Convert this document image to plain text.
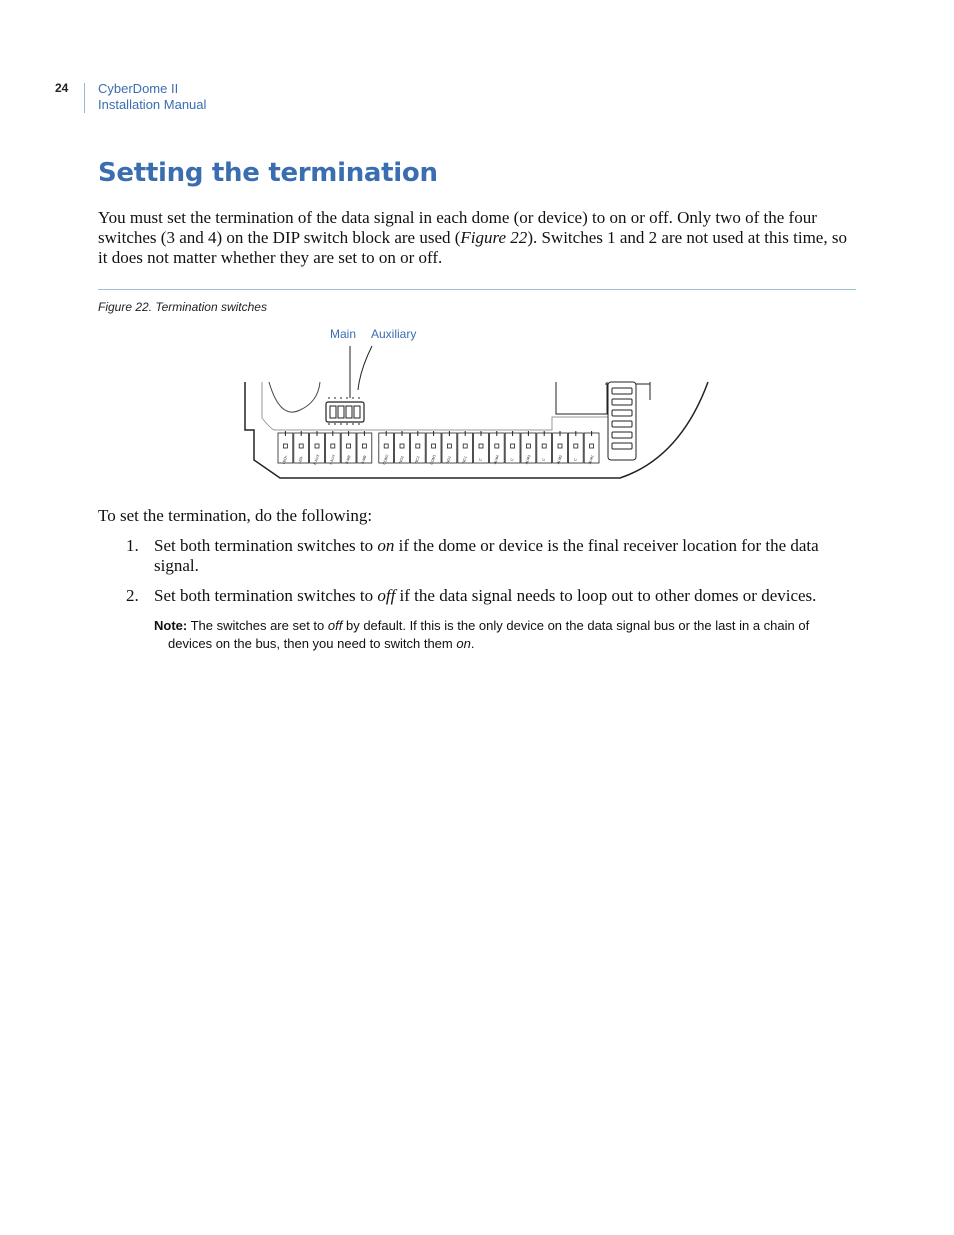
24 CyberDome II
Installation Manual
Setting the termination

You must set the termination of the data signal in each dome (or device) to on or off. Only two of the four switches (3 and 4) on the DIP switch block are used (Figure 22). Switches 1 and 2 are not used at this time, so it does not matter whether they are set to on or off.

Figure 22. Termination switches
Main Auxiliary
LED+	LED- B AUX A AUX B MB	A MB	COM2	NO2	NC2	COM1	NO1	NC1	C	ALM4	C	ALM3	C	ALM2	C	ALM1

To set the termination, do the following:

1. Set both termination switches to on if the dome or device is the final receiver location for the data signal.
2. Set both termination switches to off if the data signal needs to loop out to other domes or devices.

Note: The switches are set to off by default. If this is the only device on the data signal bus or the last in a chain of
devices on the bus, then you need to switch them on.
